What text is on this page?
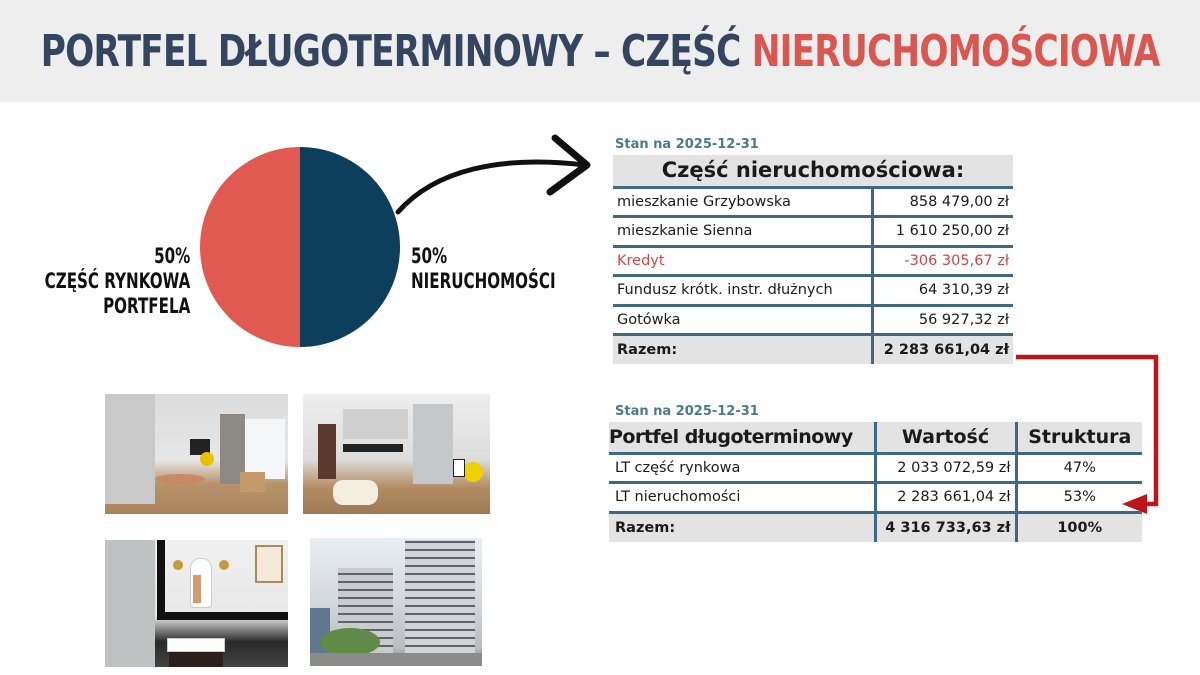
PORTFEL DŁUGOTERMINOWY – CZĘŚĆ NIERUCHOMOŚCIOWA
50%
CZĘŚĆ RYNKOWA
PORTFELA
50%
NIERUCHOMOŚCI
Stan na 2025-12-31
Część nieruchomościowa:	
mieszkanie Grzybowska	858 479,00 zł
mieszkanie Sienna	1 610 250,00 zł
Kredyt	-306 305,67 zł
Fundusz krótk. instr. dłużnych	64 310,39 zł
Gotówka	56 927,32 zł
Razem:	2 283 661,04 zł
Stan na 2025-12-31
Portfel długoterminowy	Wartość	Struktura
LT część rynkowa	2 033 072,59 zł	47%
LT nieruchomości	2 283 661,04 zł	53%
Razem:	4 316 733,63 zł	100%
